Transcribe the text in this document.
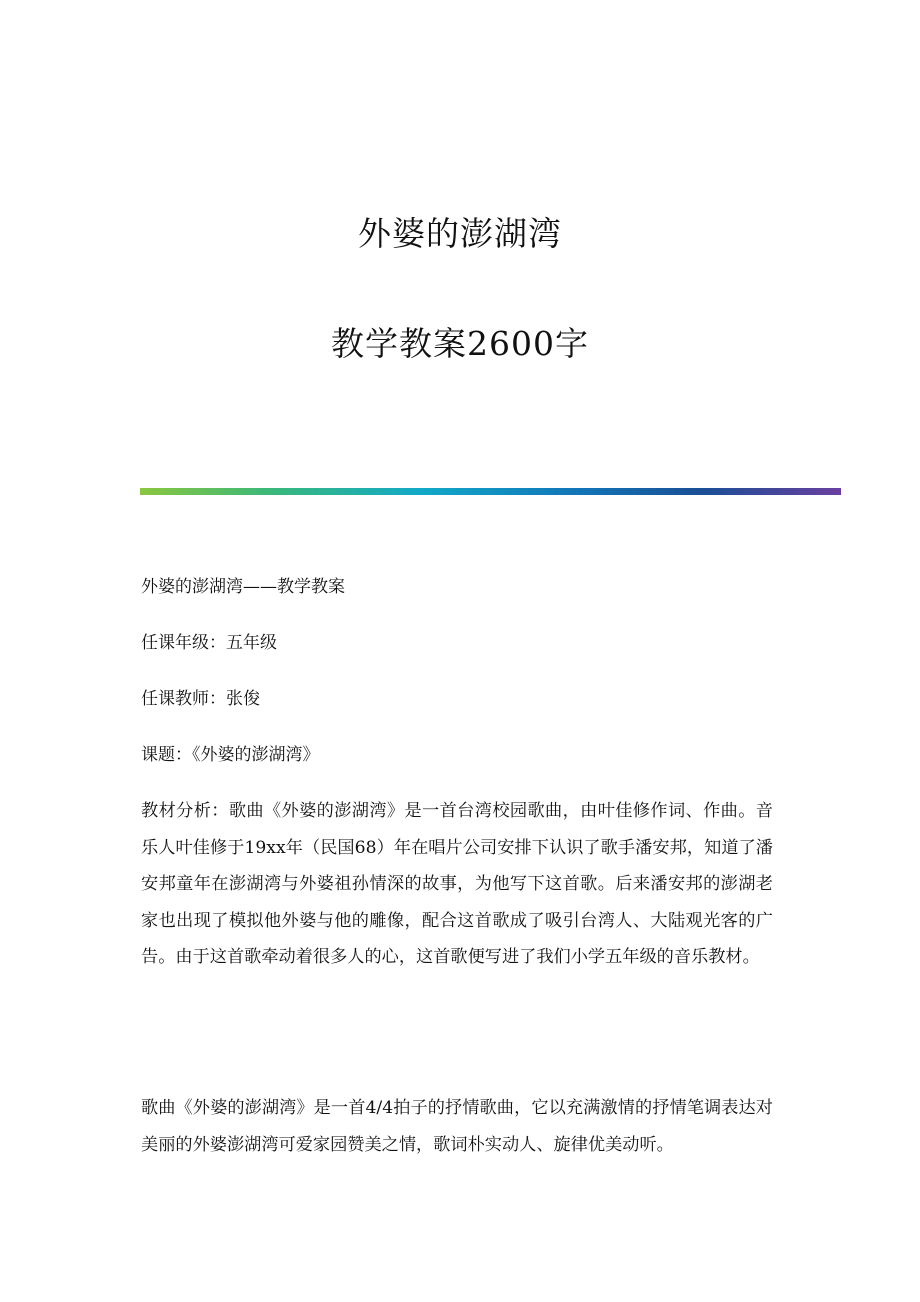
外婆的澎湖湾
教学教案2600字
外婆的澎湖湾——教学教案
任课年级：五年级
任课教师：张俊
课题：《外婆的澎湖湾》
教材分析：歌曲《外婆的澎湖湾》是一首台湾校园歌曲，由叶佳修作词、作曲。音乐人叶佳修于19xx年（民国68）年在唱片公司安排下认识了歌手潘安邦，知道了潘安邦童年在澎湖湾与外婆祖孙情深的故事，为他写下这首歌。后来潘安邦的澎湖老家也出现了模拟他外婆与他的雕像，配合这首歌成了吸引台湾人、大陆观光客的广告。由于这首歌牵动着很多人的心，这首歌便写进了我们小学五年级的音乐教材。
歌曲《外婆的澎湖湾》是一首4/4拍子的抒情歌曲，它以充满激情的抒情笔调表达对美丽的外婆澎湖湾可爱家园赞美之情，歌词朴实动人、旋律优美动听。
